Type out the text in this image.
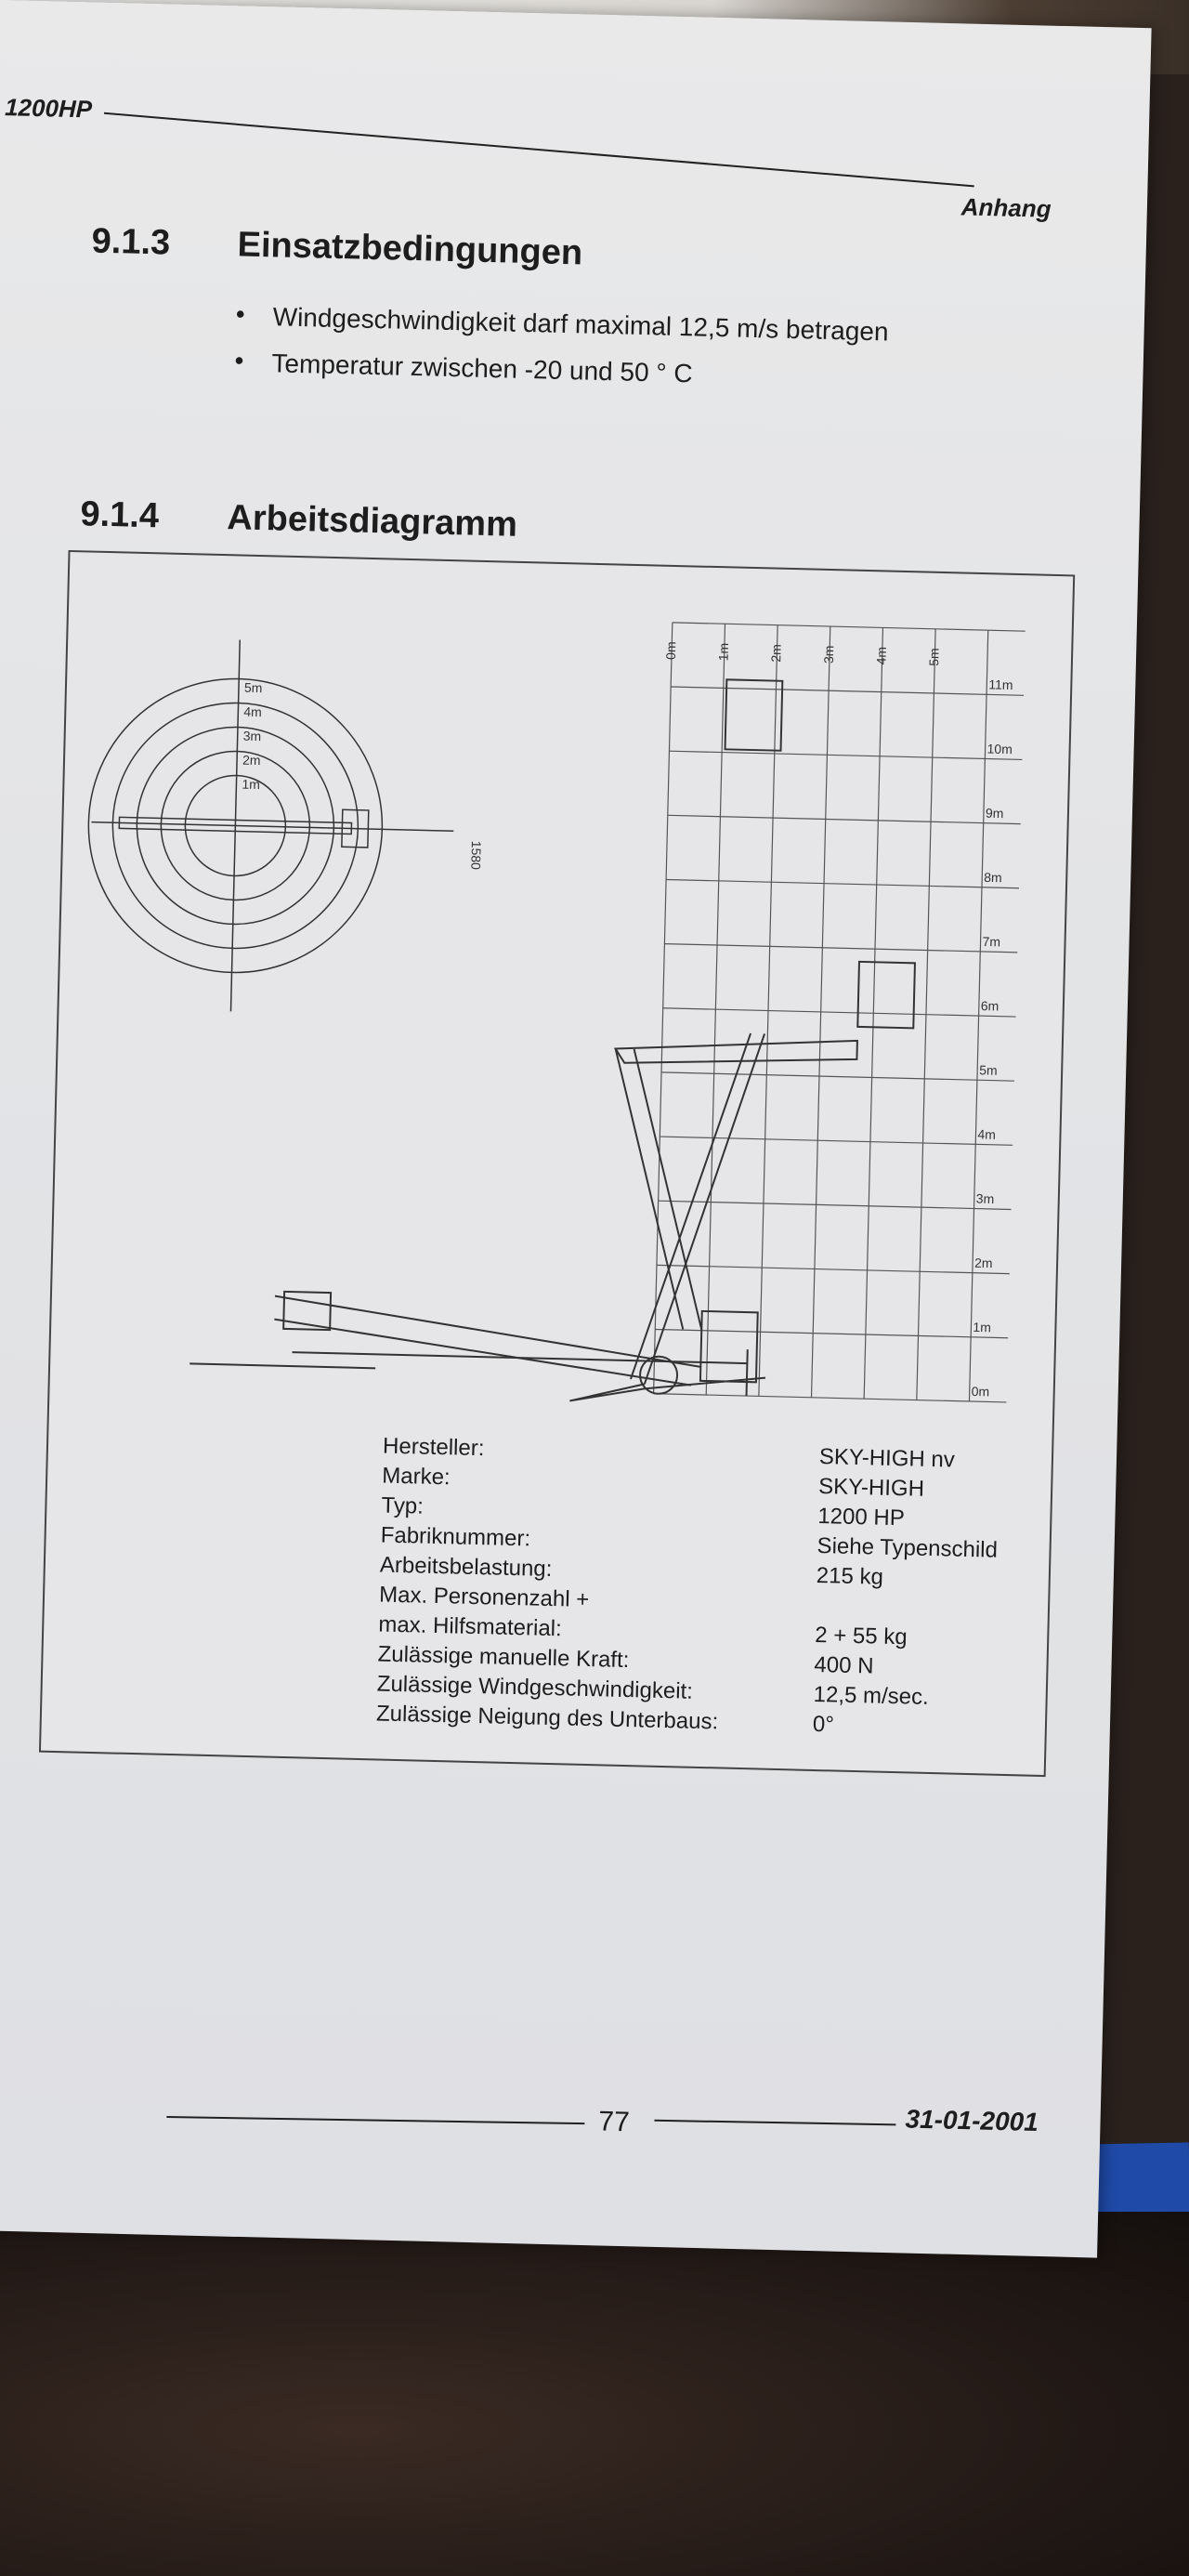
1200HP
Anhang
9.1.3 Einsatzbedingungen
• Windgeschwindigkeit darf maximal 12,5 m/s betragen
• Temperatur zwischen -20 und 50 ° C
9.1.4 Arbeitsdiagramm
0m	1m	2m	3m	4m	5m
0m
1m
2m
3m
4m
5m
6m
7m
8m
9m
10m
11m
1m
2m
3m
4m
5m
1580
Hersteller:	SKY-HIGH nv
Marke:	SKY-HIGH
Typ:	1200 HP
Fabriknummer:	Siehe Typenschild
Arbeitsbelastung:	215 kg
Max. Personenzahl +
max. Hilfsmaterial:	2 + 55 kg
Zulässige manuelle Kraft:	400 N
Zulässige Windgeschwindigkeit:	12,5 m/sec.
Zulässige Neigung des Unterbaus:	0°
77	31-01-2001
